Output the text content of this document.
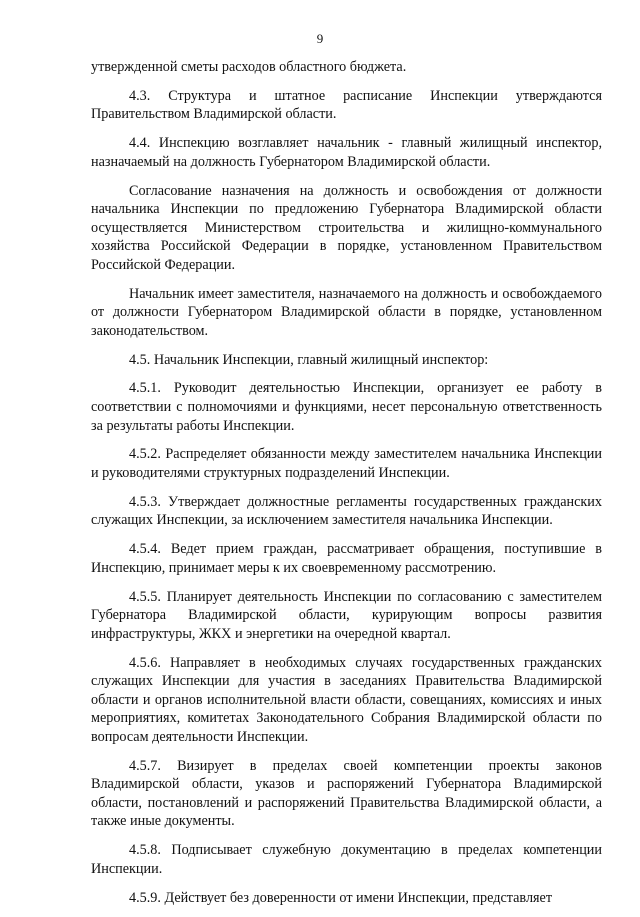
9

утвержденной сметы расходов областного бюджета.

4.3. Структура и штатное расписание Инспекции утверждаются Правительством Владимирской области.

4.4. Инспекцию возглавляет начальник - главный жилищный инспектор, назначаемый на должность Губернатором Владимирской области.

Согласование назначения на должность и освобождения от должности начальника Инспекции по предложению Губернатора Владимирской области осуществляется Министерством строительства и жилищно-коммунального хозяйства Российской Федерации в порядке, установленном Правительством Российской Федерации.

Начальник имеет заместителя, назначаемого на должность и освобождаемого от должности Губернатором Владимирской области в порядке, установленном законодательством.

4.5. Начальник Инспекции, главный жилищный инспектор:

4.5.1. Руководит деятельностью Инспекции, организует ее работу в соответствии с полномочиями и функциями, несет персональную ответственность за результаты работы Инспекции.

4.5.2. Распределяет обязанности между заместителем начальника Инспекции и руководителями структурных подразделений Инспекции.

4.5.3. Утверждает должностные регламенты государственных гражданских служащих Инспекции, за исключением заместителя начальника Инспекции.

4.5.4. Ведет прием граждан, рассматривает обращения, поступившие в Инспекцию, принимает меры к их своевременному рассмотрению.

4.5.5. Планирует деятельность Инспекции по согласованию с заместителем Губернатора Владимирской области, курирующим вопросы развития инфраструктуры, ЖКХ и энергетики на очередной квартал.

4.5.6. Направляет в необходимых случаях государственных гражданских служащих Инспекции для участия в заседаниях Правительства Владимирской области и органов исполнительной власти области, совещаниях, комиссиях и иных мероприятиях, комитетах Законодательного Собрания Владимирской области по вопросам деятельности Инспекции.

4.5.7. Визирует в пределах своей компетенции проекты законов Владимирской области, указов и распоряжений Губернатора Владимирской области, постановлений и распоряжений Правительства Владимирской области, а также иные документы.

4.5.8. Подписывает служебную документацию в пределах компетенции Инспекции.

4.5.9. Действует без доверенности от имени Инспекции, представляет
